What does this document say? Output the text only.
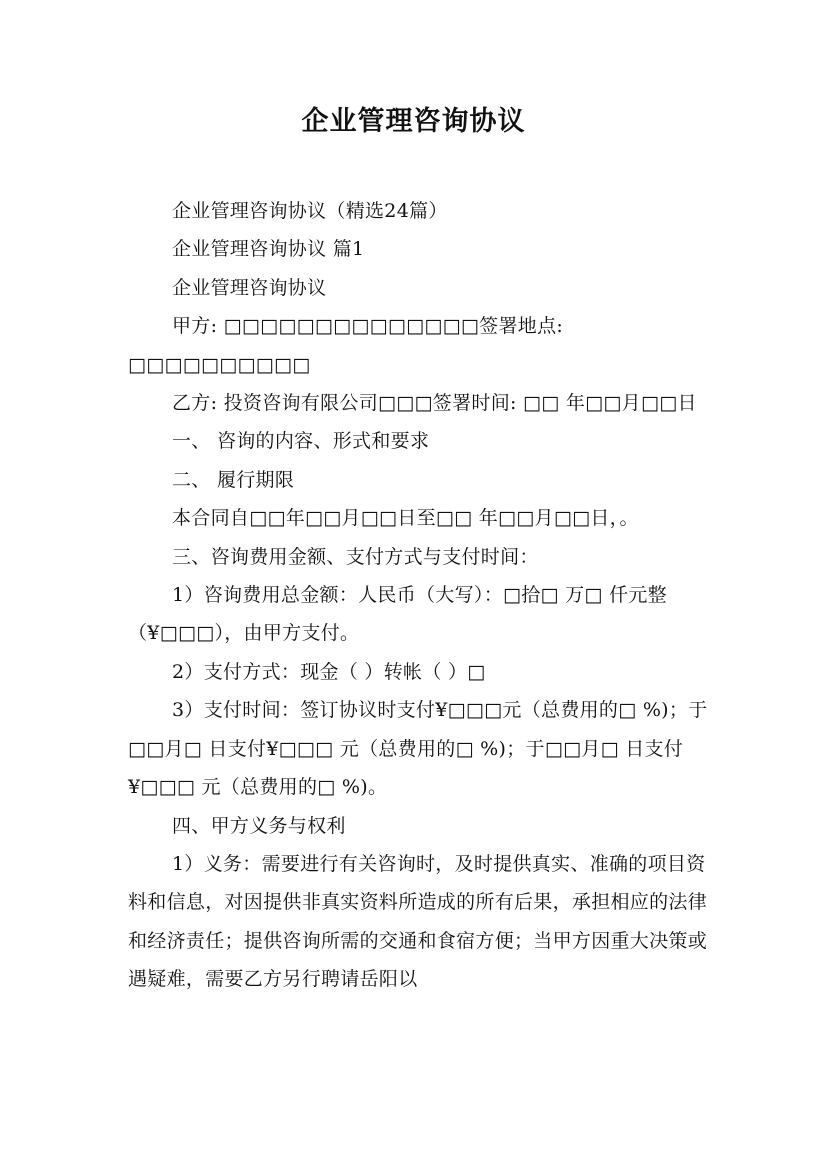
企业管理咨询协议

企业管理咨询协议（精选24篇）

企业管理咨询协议 篇1

企业管理咨询协议

甲方: □□□□□□□□□□□□□□签署地点: □□□□□□□□□□

乙方: 投资咨询有限公司□□□签署时间: □□ 年□□月□□日

一、 咨询的内容、形式和要求

二、 履行期限

本合同自□□年□□月□□日至□□ 年□□月□□日，。

三、咨询费用金额、支付方式与支付时间：

1）咨询费用总金额：人民币（大写）：□拾□ 万□ 仟元整（¥□□□），由甲方支付。

2）支付方式：现金（ ）转帐（ ）□

3）支付时间：签订协议时支付¥□□□元（总费用的□ %)；于□□月□ 日支付¥□□□ 元（总费用的□ %)；于□□月□ 日支付¥□□□ 元（总费用的□ %)。

四、甲方义务与权利

1）义务：需要进行有关咨询时，及时提供真实、准确的项目资料和信息，对因提供非真实资料所造成的所有后果，承担相应的法律和经济责任；提供咨询所需的交通和食宿方便；当甲方因重大决策或遇疑难，需要乙方另行聘请岳阳以
